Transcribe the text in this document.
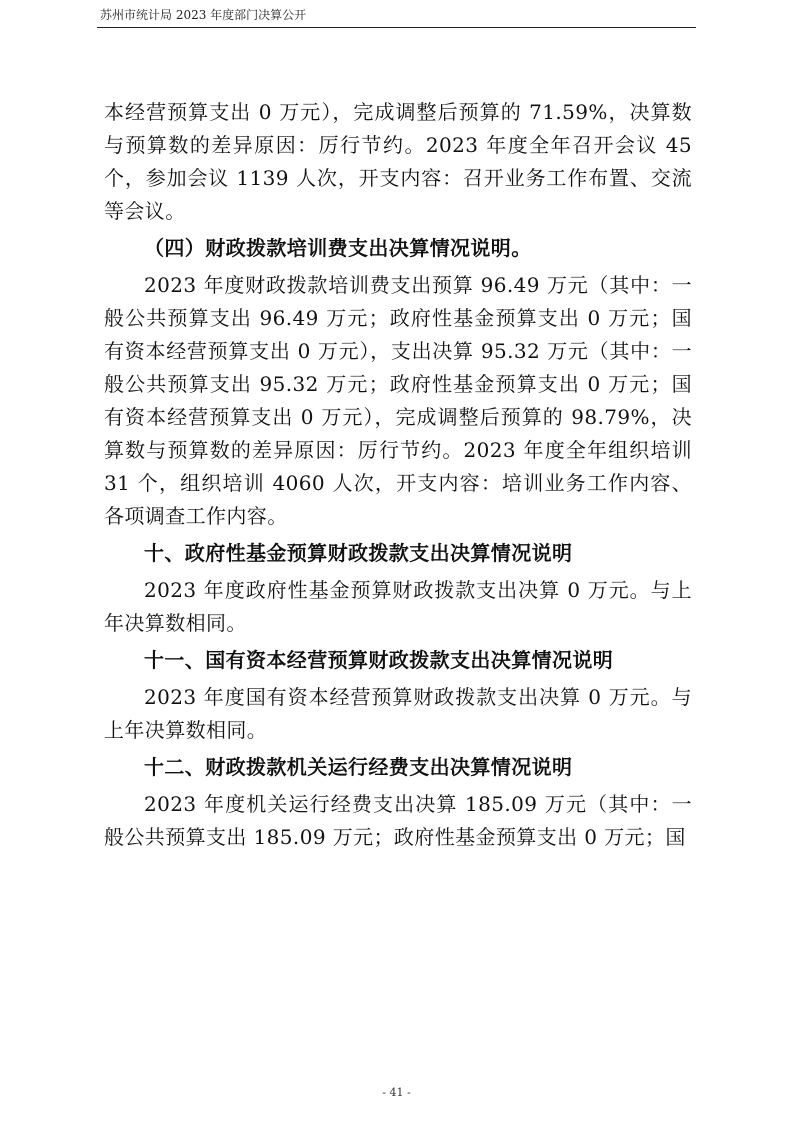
苏州市统计局 2023 年度部门决算公开

本经营预算支出 0 万元），完成调整后预算的 71.59%，决算数与预算数的差异原因：厉行节约。2023 年度全年召开会议 45 个，参加会议 1139 人次，开支内容：召开业务工作布置、交流等会议。

（四）财政拨款培训费支出决算情况说明。

2023 年度财政拨款培训费支出预算 96.49 万元（其中：一般公共预算支出 96.49 万元；政府性基金预算支出 0 万元；国有资本经营预算支出 0 万元），支出决算 95.32 万元（其中：一般公共预算支出 95.32 万元；政府性基金预算支出 0 万元；国有资本经营预算支出 0 万元），完成调整后预算的 98.79%，决算数与预算数的差异原因：厉行节约。2023 年度全年组织培训 31 个，组织培训 4060 人次，开支内容：培训业务工作内容、各项调查工作内容。

十、政府性基金预算财政拨款支出决算情况说明

2023 年度政府性基金预算财政拨款支出决算 0 万元。与上年决算数相同。

十一、国有资本经营预算财政拨款支出决算情况说明

2023 年度国有资本经营预算财政拨款支出决算 0 万元。与上年决算数相同。

十二、财政拨款机关运行经费支出决算情况说明

2023 年度机关运行经费支出决算 185.09 万元（其中：一般公共预算支出 185.09 万元；政府性基金预算支出 0 万元；国

- 41 -
